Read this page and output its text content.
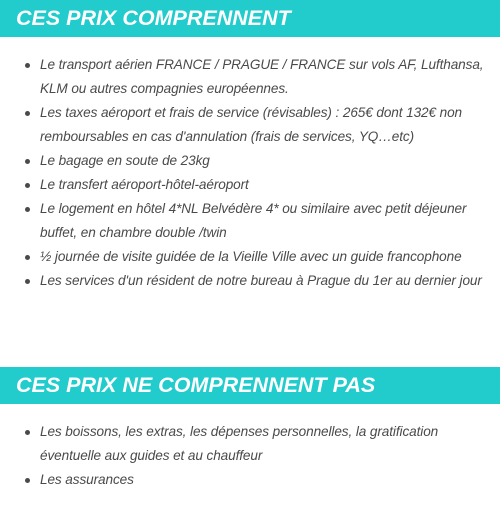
CES PRIX COMPRENNENT
Le transport aérien FRANCE / PRAGUE / FRANCE sur vols AF, Lufthansa, KLM ou autres compagnies européennes.
Les taxes aéroport et frais de service (révisables) : 265€ dont 132€ non remboursables en cas d'annulation (frais de services, YQ…etc)
Le bagage en soute de 23kg
Le transfert aéroport-hôtel-aéroport
Le logement en hôtel 4*NL Belvédère 4* ou similaire avec petit déjeuner buffet, en chambre double /twin
½ journée de visite guidée de la Vieille Ville avec un guide francophone
Les services d'un résident de notre bureau à Prague du 1er au dernier jour
CES PRIX NE COMPRENNENT PAS
Les boissons, les extras, les dépenses personnelles, la gratification éventuelle aux guides et au chauffeur
Les assurances
